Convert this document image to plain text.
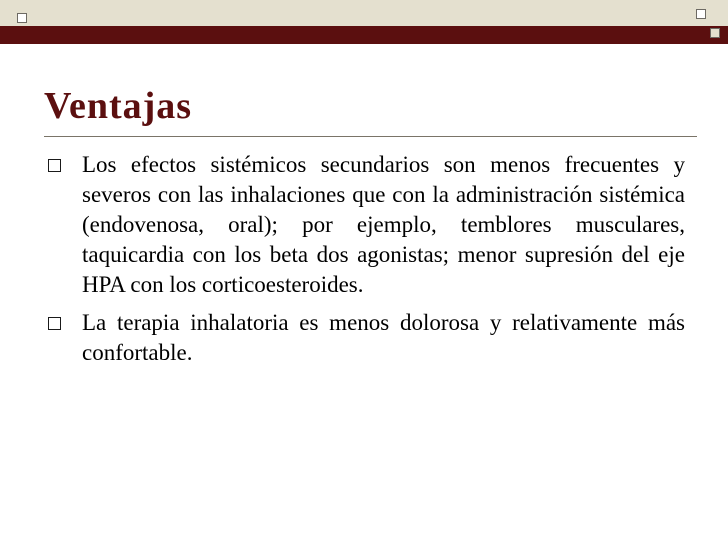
Ventajas
Los efectos sistémicos secundarios son menos frecuentes y severos con las inhalaciones que con la administración sistémica (endovenosa, oral); por ejemplo, temblores musculares, taquicardia con los beta dos agonistas; menor supresión del eje HPA con los corticoesteroides.
La terapia inhalatoria es menos dolorosa y relativamente más confortable.
